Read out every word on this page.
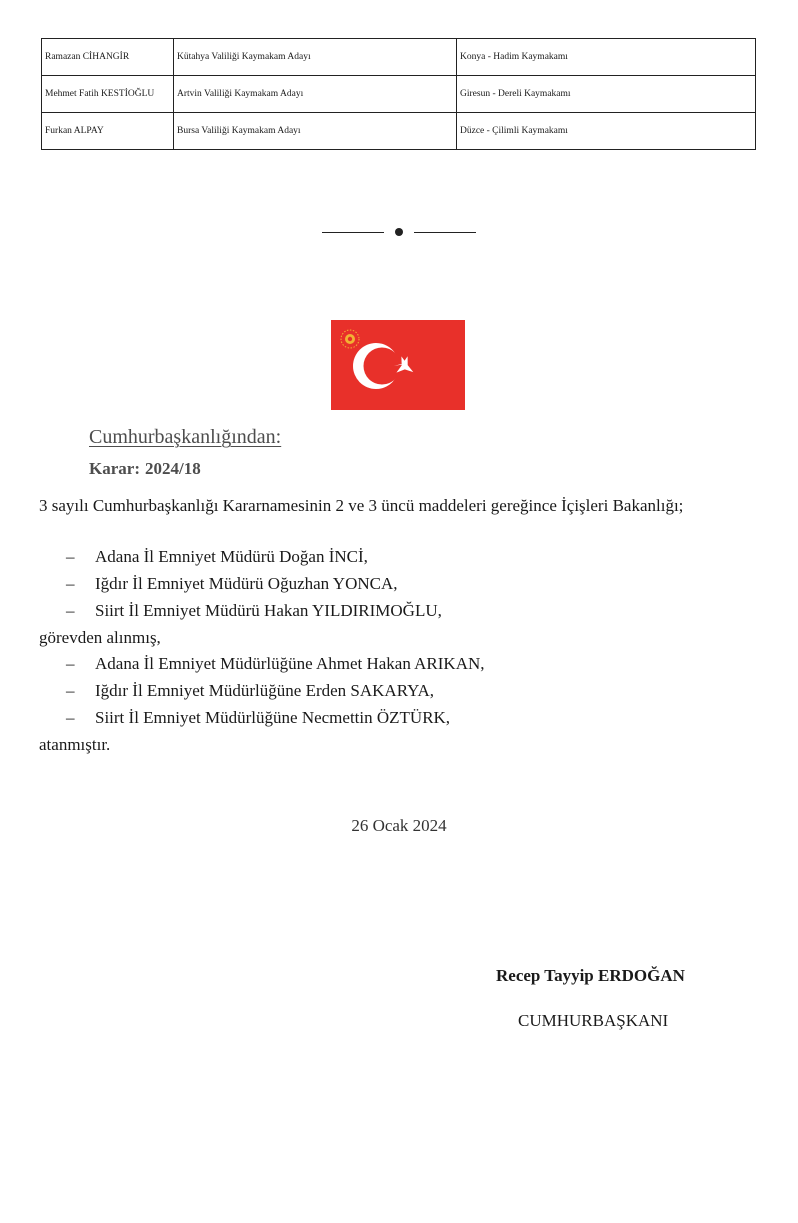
Ramazan CİHANGİR	Kütahya Valiliği Kaymakam Adayı	Konya - Hadim Kaymakamı
Mehmet Fatih KESTİOĞLU	Artvin Valiliği Kaymakam Adayı	Giresun - Dereli Kaymakamı
Furkan ALPAY	Bursa Valiliği Kaymakam Adayı	Düzce - Çilimli Kaymakamı
Cumhurbaşkanlığından:
Karar: 2024/18
3 sayılı Cumhurbaşkanlığı Kararnamesinin 2 ve 3 üncü maddeleri gereğince İçişleri Bakanlığı;
– Adana İl Emniyet Müdürü Doğan İNCİ,
– Iğdır İl Emniyet Müdürü Oğuzhan YONCA,
– Siirt İl Emniyet Müdürü Hakan YILDIRIMOĞLU,
görevden alınmış,
– Adana İl Emniyet Müdürlüğüne Ahmet Hakan ARIKAN,
– Iğdır İl Emniyet Müdürlüğüne Erden SAKARYA,
– Siirt İl Emniyet Müdürlüğüne Necmettin ÖZTÜRK,
atanmıştır.
26 Ocak 2024
Recep Tayyip ERDOĞAN
CUMHURBAŞKANI
